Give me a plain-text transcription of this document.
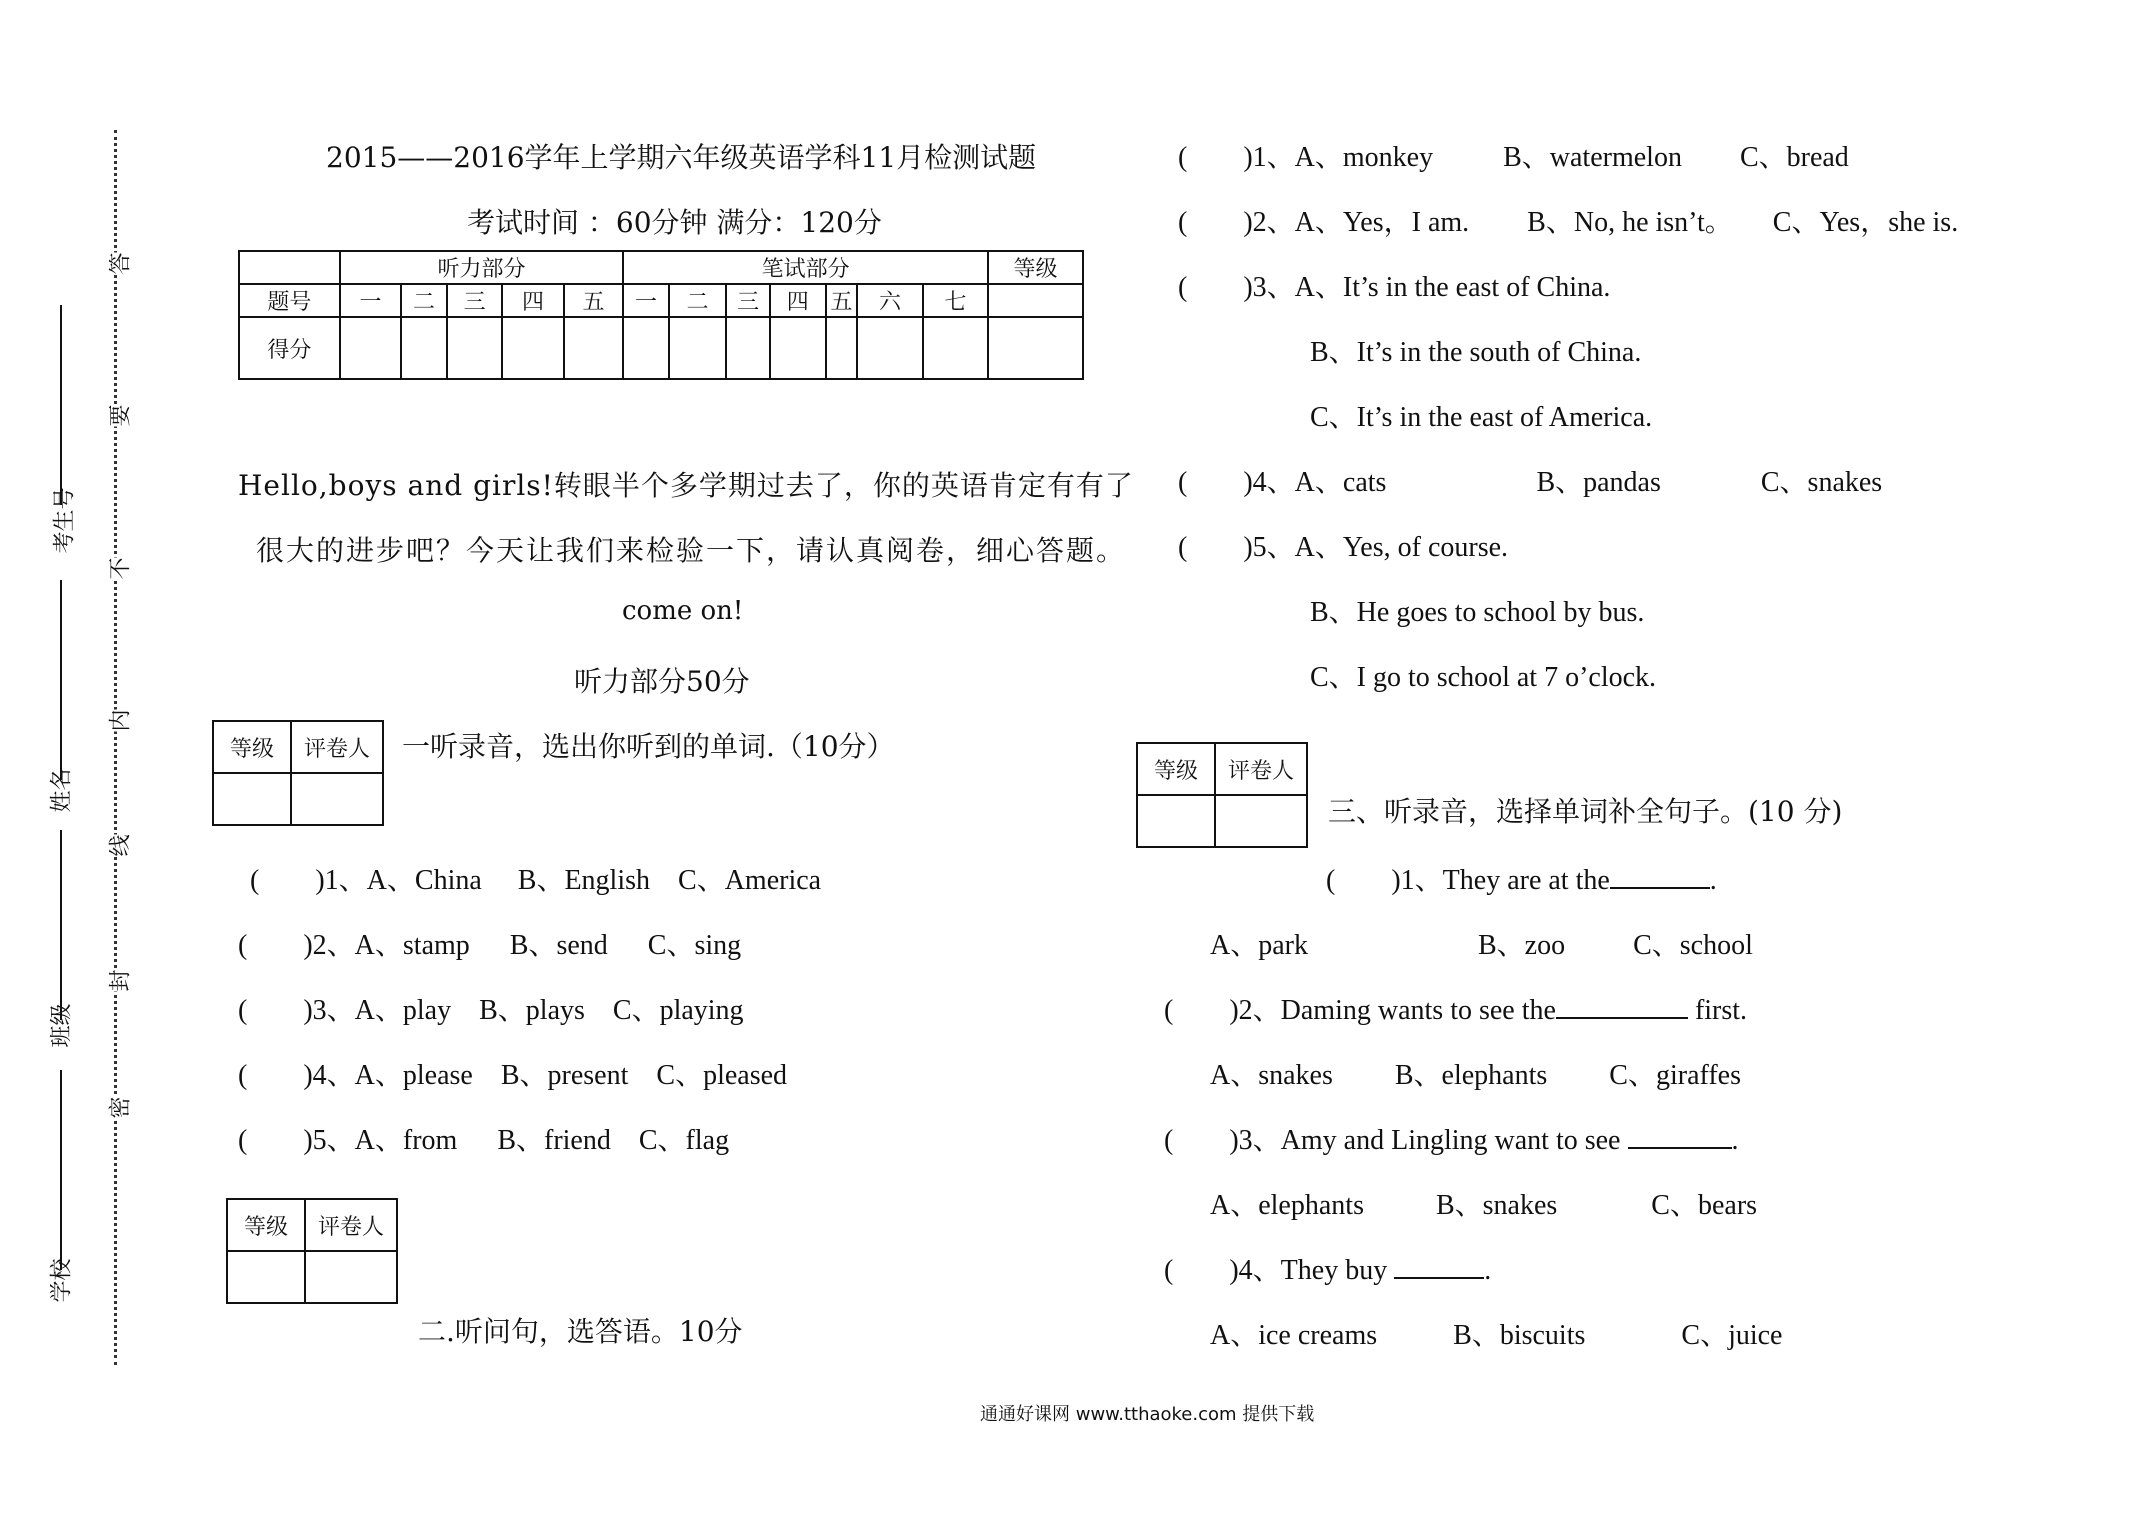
考生号
姓名
班级
学校
答
要
不
内
线
封
密
2015——2016学年上学期六年级英语学科11月检测试题
考试时间 ：60分钟 满分：120分
	听力部分					笔试部分							等级
题号	一	二	三	四	五	一	二	三	四	五	六	七	
得分													
Hello,boys and girls!转眼半个多学期过去了，你的英语肯定有有了
很大的进步吧？今天让我们来检验一下，请认真阅卷，细心答题。
come on!
听力部分50分
等级	评卷人
	一听录音，选出你听到的单词.（10分）
(　　)1、A、China B、English C、America
(　　)2、A、stamp B、send C、sing
(　　)3、A、play B、plays C、playing
(　　)4、A、please B、present C、pleased
(　　)5、A、from B、friend C、flag
等级	评卷人

二.听问句，选答语。10分
(　　)1、A、monkey	B、watermelon C、bread
(　　)2、A、Yes，I am. B、No, he isn’t。 C、Yes，she is.
(　　)3、A、It’s in the east of China.
B、It’s in the south of China.
C、It’s in the east of America.
(　　)4、A、cats	B、pandas	C、snakes
(　　)5、A、Yes, of course.
B、He goes to school by bus.
C、I go to school at 7 o’clock.
等级	评卷人

三、听录音，选择单词补全句子。(10 分)
(　　)1、They are at the	.
A、park	B、zoo C、school
(　　)2、Daming wants to see the	first.
A、snakes B、elephants C、giraffes
(　　)3、Amy and Lingling want to see	.
A、elephants	B、snakes	C、bears
(　　)4、They buy	.
A、ice creams	B、biscuits	C、juice
通通好课网 www.tthaoke.com 提供下载
